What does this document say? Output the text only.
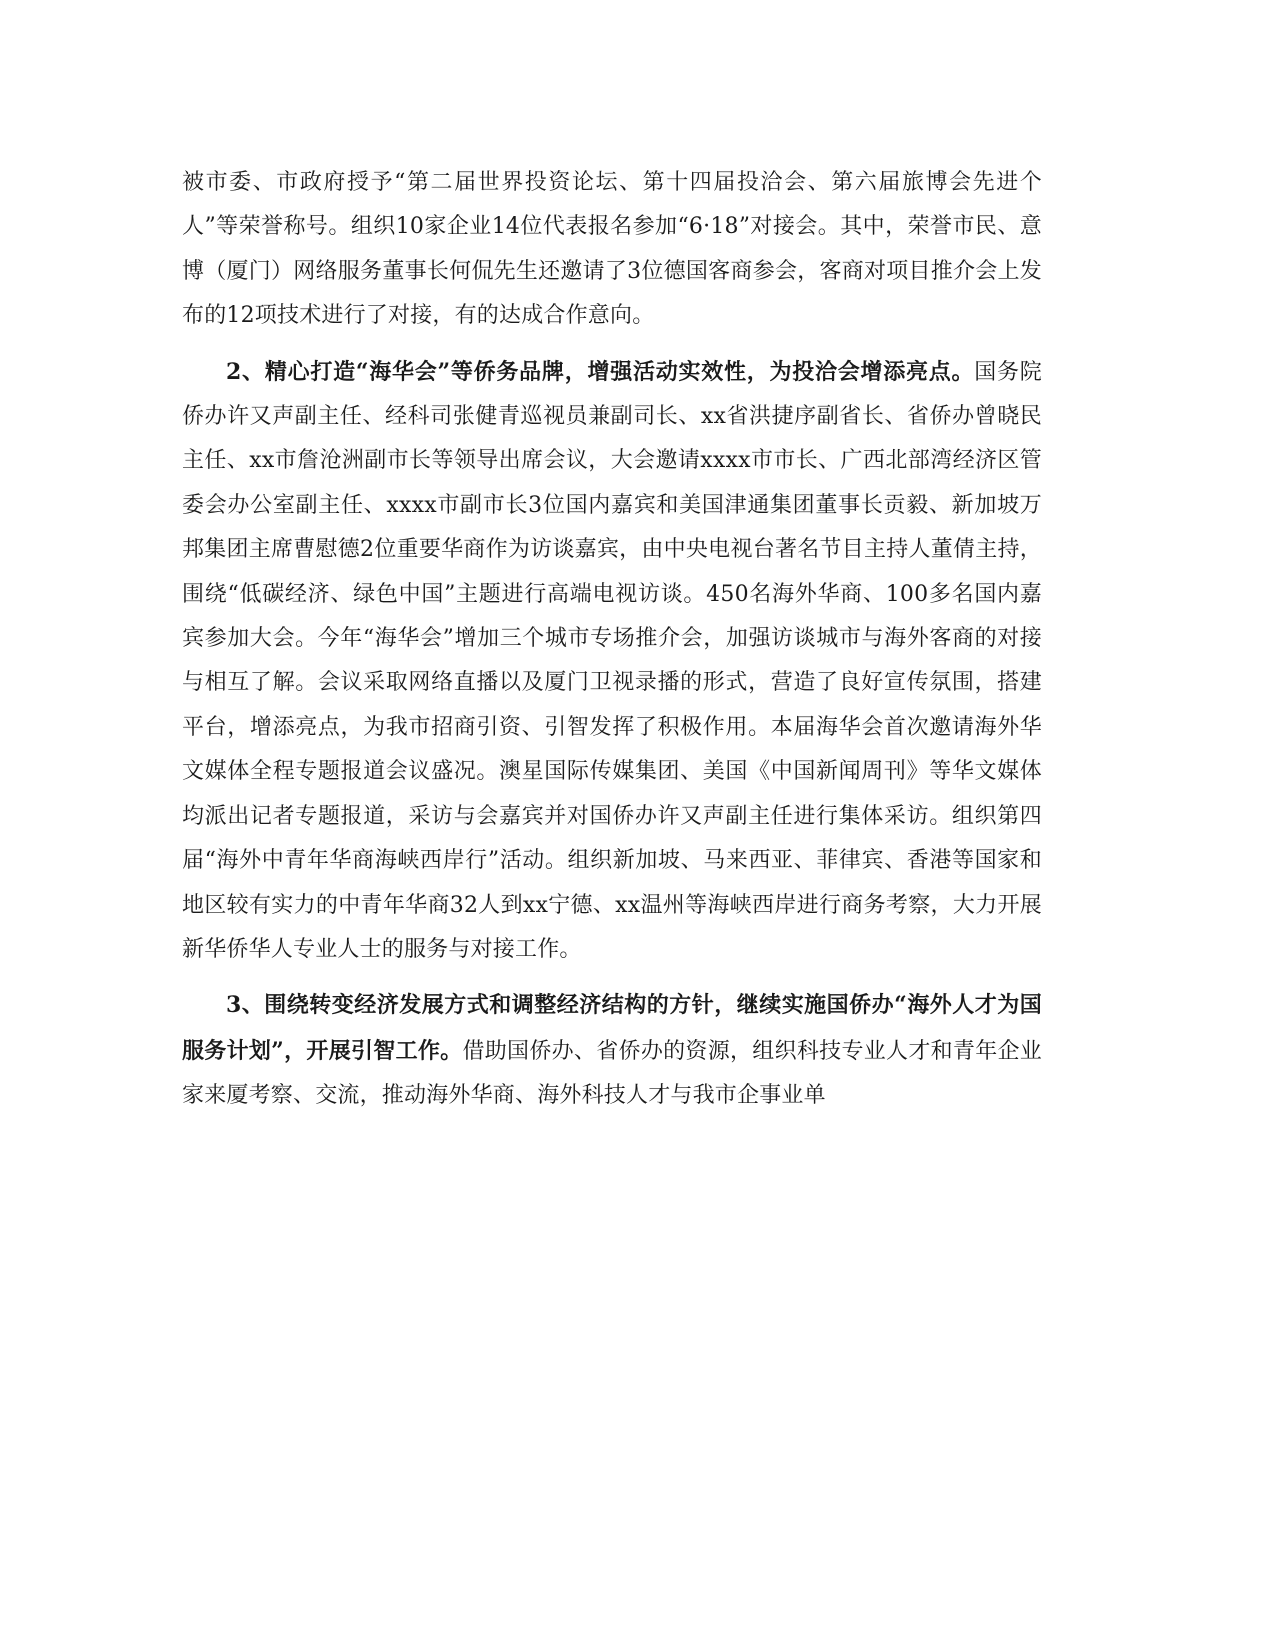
被市委、市政府授予“第二届世界投资论坛、第十四届投洽会、第六届旅博会先进个人”等荣誉称号。组织10家企业14位代表报名参加“6·18”对接会。其中，荣誉市民、意博（厦门）网络服务董事长何侃先生还邀请了3位德国客商参会，客商对项目推介会上发布的12项技术进行了对接，有的达成合作意向。

2、精心打造“海华会”等侨务品牌，增强活动实效性，为投洽会增添亮点。国务院侨办许又声副主任、经科司张健青巡视员兼副司长、xx省洪捷序副省长、省侨办曾晓民主任、xx市詹沧洲副市长等领导出席会议，大会邀请xxxx市市长、广西北部湾经济区管委会办公室副主任、xxxx市副市长3位国内嘉宾和美国津通集团董事长贡毅、新加坡万邦集团主席曹慰德2位重要华商作为访谈嘉宾，由中央电视台著名节目主持人董倩主持，围绕“低碳经济、绿色中国”主题进行高端电视访谈。450名海外华商、100多名国内嘉宾参加大会。今年“海华会”增加三个城市专场推介会，加强访谈城市与海外客商的对接与相互了解。会议采取网络直播以及厦门卫视录播的形式，营造了良好宣传氛围，搭建平台，增添亮点，为我市招商引资、引智发挥了积极作用。本届海华会首次邀请海外华文媒体全程专题报道会议盛况。澳星国际传媒集团、美国《中国新闻周刊》等华文媒体均派出记者专题报道，采访与会嘉宾并对国侨办许又声副主任进行集体采访。组织第四届“海外中青年华商海峡西岸行”活动。组织新加坡、马来西亚、菲律宾、香港等国家和地区较有实力的中青年华商32人到xx宁德、xx温州等海峡西岸进行商务考察，大力开展新华侨华人专业人士的服务与对接工作。

3、围绕转变经济发展方式和调整经济结构的方针，继续实施国侨办“海外人才为国服务计划”，开展引智工作。借助国侨办、省侨办的资源，组织科技专业人才和青年企业家来厦考察、交流，推动海外华商、海外科技人才与我市企事业单
